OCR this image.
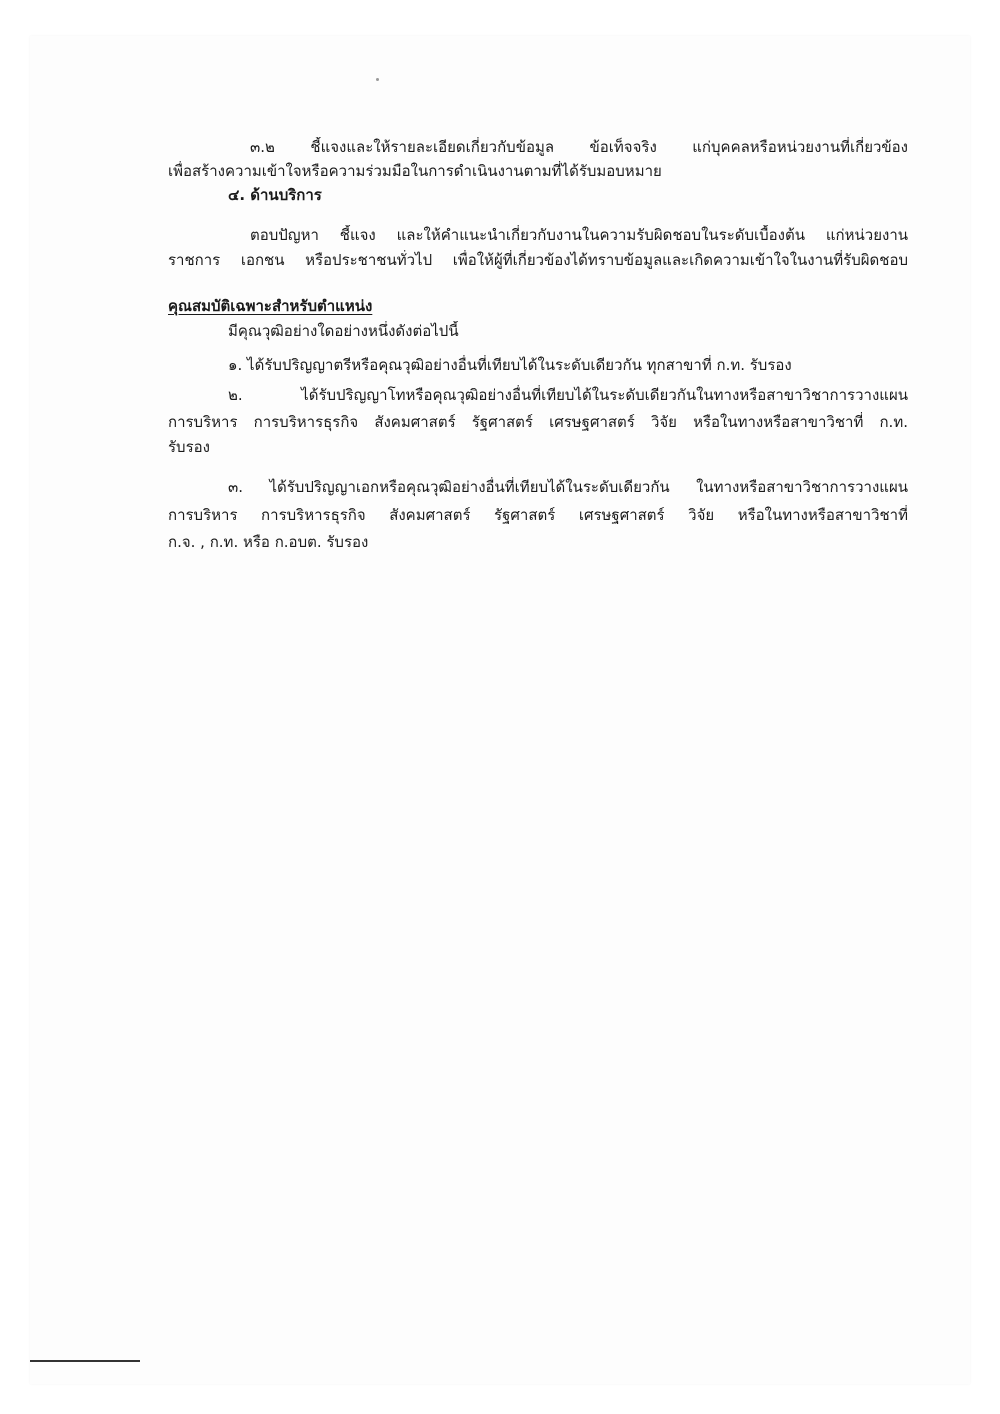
๓.๒ ชี้แจงและให้รายละเอียดเกี่ยวกับข้อมูล ข้อเท็จจริง แก่บุคคลหรือหน่วยงานที่เกี่ยวข้อง
เพื่อสร้างความเข้าใจหรือความร่วมมือในการดำเนินงานตามที่ได้รับมอบหมาย
๔. ด้านบริการ
ตอบปัญหา ชี้แจง และให้คำแนะนำเกี่ยวกับงานในความรับผิดชอบในระดับเบื้องต้น แก่หน่วยงาน
ราชการ เอกชน หรือประชาชนทั่วไป เพื่อให้ผู้ที่เกี่ยวข้องได้ทราบข้อมูลและเกิดความเข้าใจในงานที่รับผิดชอบ
คุณสมบัติเฉพาะสำหรับตำแหน่ง
มีคุณวุฒิอย่างใดอย่างหนึ่งดังต่อไปนี้
๑. ได้รับปริญญาตรีหรือคุณวุฒิอย่างอื่นที่เทียบได้ในระดับเดียวกัน ทุกสาขาที่ ก.ท. รับรอง
๒. ได้รับปริญญาโทหรือคุณวุฒิอย่างอื่นที่เทียบได้ในระดับเดียวกันในทางหรือสาขาวิชาการวางแผน
การบริหาร การบริหารธุรกิจ สังคมศาสตร์ รัฐศาสตร์ เศรษฐศาสตร์ วิจัย หรือในทางหรือสาขาวิชาที่ ก.ท.
รับรอง
๓. ได้รับปริญญาเอกหรือคุณวุฒิอย่างอื่นที่เทียบได้ในระดับเดียวกัน ในทางหรือสาขาวิชาการวางแผน
การบริหาร การบริหารธุรกิจ สังคมศาสตร์ รัฐศาสตร์ เศรษฐศาสตร์ วิจัย หรือในทางหรือสาขาวิชาที่
ก.จ. , ก.ท. หรือ ก.อบต. รับรอง
